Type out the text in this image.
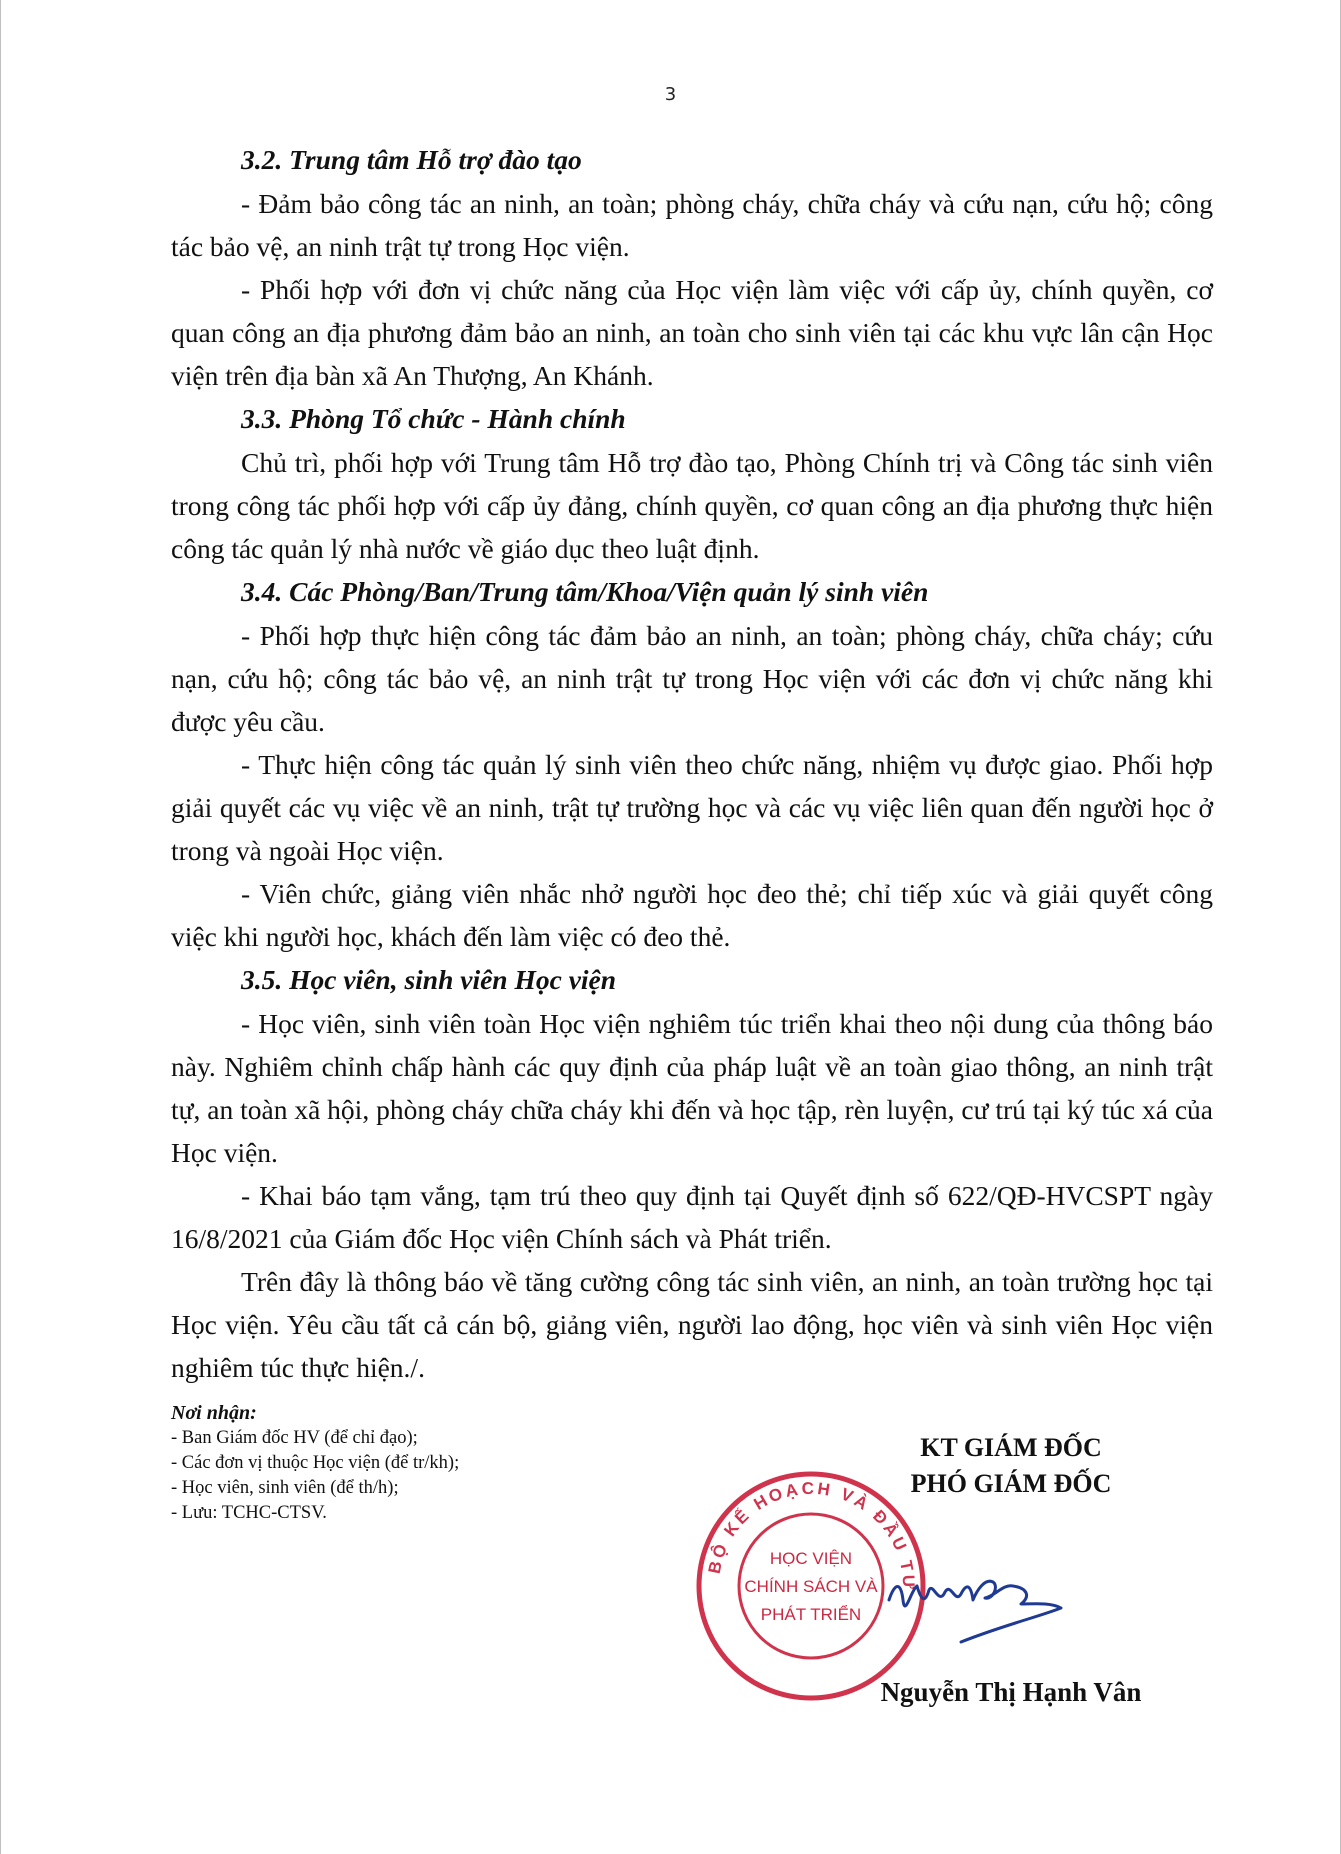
3
3.2. Trung tâm Hỗ trợ đào tạo

- Đảm bảo công tác an ninh, an toàn; phòng cháy, chữa cháy và cứu nạn, cứu hộ; công tác bảo vệ, an ninh trật tự trong Học viện.

- Phối hợp với đơn vị chức năng của Học viện làm việc với cấp ủy, chính quyền, cơ quan công an địa phương đảm bảo an ninh, an toàn cho sinh viên tại các khu vực lân cận Học viện trên địa bàn xã An Thượng, An Khánh.

3.3. Phòng Tổ chức - Hành chính

Chủ trì, phối hợp với Trung tâm Hỗ trợ đào tạo, Phòng Chính trị và Công tác sinh viên trong công tác phối hợp với cấp ủy đảng, chính quyền, cơ quan công an địa phương thực hiện công tác quản lý nhà nước về giáo dục theo luật định.

3.4. Các Phòng/Ban/Trung tâm/Khoa/Viện quản lý sinh viên

- Phối hợp thực hiện công tác đảm bảo an ninh, an toàn; phòng cháy, chữa cháy; cứu nạn, cứu hộ; công tác bảo vệ, an ninh trật tự trong Học viện với các đơn vị chức năng khi được yêu cầu.

- Thực hiện công tác quản lý sinh viên theo chức năng, nhiệm vụ được giao. Phối hợp giải quyết các vụ việc về an ninh, trật tự trường học và các vụ việc liên quan đến người học ở trong và ngoài Học viện.

- Viên chức, giảng viên nhắc nhở người học đeo thẻ; chỉ tiếp xúc và giải quyết công việc khi người học, khách đến làm việc có đeo thẻ.

3.5. Học viên, sinh viên Học viện

- Học viên, sinh viên toàn Học viện nghiêm túc triển khai theo nội dung của thông báo này. Nghiêm chỉnh chấp hành các quy định của pháp luật về an toàn giao thông, an ninh trật tự, an toàn xã hội, phòng cháy chữa cháy khi đến và học tập, rèn luyện, cư trú tại ký túc xá của Học viện.

- Khai báo tạm vắng, tạm trú theo quy định tại Quyết định số 622/QĐ-HVCSPT ngày 16/8/2021 của Giám đốc Học viện Chính sách và Phát triển.

Trên đây là thông báo về tăng cường công tác sinh viên, an ninh, an toàn trường học tại Học viện. Yêu cầu tất cả cán bộ, giảng viên, người lao động, học viên và sinh viên Học viện nghiêm túc thực hiện./.

Nơi nhận:
- Ban Giám đốc HV (để chỉ đạo);
- Các đơn vị thuộc Học viện (để tr/kh);
- Học viên, sinh viên (để th/h);
- Lưu: TCHC-CTSV.
BỘ KẾ HOẠCH VÀ ĐẦU TƯ
HỌC VIỆN
CHÍNH SÁCH VÀ
PHÁT TRIỂN
KT GIÁM ĐỐC
PHÓ GIÁM ĐỐC
Nguyễn Thị Hạnh Vân
